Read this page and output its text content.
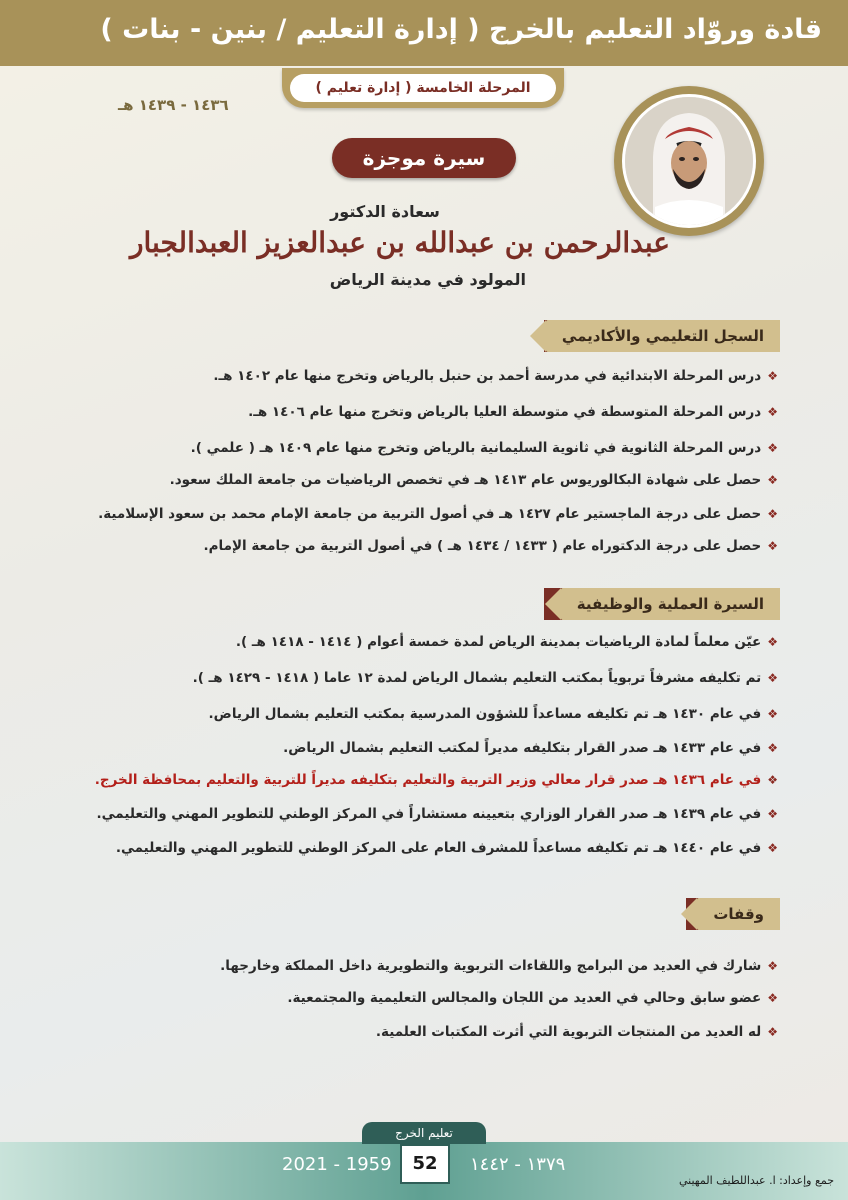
قادة وروّاد التعليم بالخرج ( إدارة التعليم / بنين - بنات )
المرحلة الخامسة ( إدارة تعليم )
١٤٣٦ - ١٤٣٩ هـ
سيرة موجزة
سعادة الدكتور
عبدالرحمن بن عبدالله بن عبدالعزيز العبدالجبار
المولود في مدينة الرياض
السجل التعليمي والأكاديمي
❖درس المرحلة الابتدائية في مدرسة أحمد بن حنبل بالرياض وتخرج منها عام ١٤٠٢ هـ.
❖درس المرحلة المتوسطة في متوسطة العليا بالرياض وتخرج منها عام ١٤٠٦ هـ.
❖درس المرحلة الثانوية في ثانوية السليمانية بالرياض وتخرج منها عام ١٤٠٩ هـ ( علمي ).
❖حصل على شهادة البكالوريوس عام ١٤١٣ هـ في تخصص الرياضيات من جامعة الملك سعود.
❖حصل على درجة الماجستير عام ١٤٢٧ هـ في أصول التربية من جامعة الإمام محمد بن سعود الإسلامية.
❖حصل على درجة الدكتوراه عام ( ١٤٣٣ / ١٤٣٤ هـ ) في أصول التربية من جامعة الإمام.
السيرة العملية والوظيفية
❖عيّن معلماً لمادة الرياضيات بمدينة الرياض لمدة خمسة أعوام ( ١٤١٤ - ١٤١٨ هـ ).
❖تم تكليفه مشرفاً تربوياً بمكتب التعليم بشمال الرياض لمدة ١٢ عاما ( ١٤١٨ - ١٤٢٩ هـ ).
❖في عام ١٤٣٠ هـ تم تكليفه مساعداً للشؤون المدرسية بمكتب التعليم بشمال الرياض.
❖في عام ١٤٣٣ هـ صدر القرار بتكليفه مديراً لمكتب التعليم بشمال الرياض.
❖في عام ١٤٣٦ هـ صدر قرار معالي وزير التربية والتعليم بتكليفه مديراً للتربية والتعليم بمحافظة الخرج.
❖في عام ١٤٣٩ هـ صدر القرار الوزاري بتعيينه مستشاراً في المركز الوطني للتطوير المهني والتعليمي.
❖في عام ١٤٤٠ هـ تم تكليفه مساعداً للمشرف العام على المركز الوطني للتطوير المهني والتعليمي.
وقفات
❖شارك في العديد من البرامج واللقاءات التربوية والتطويرية داخل المملكة وخارجها.
❖عضو سابق وحالي في العديد من اللجان والمجالس التعليمية والمجتمعية.
❖له العديد من المنتجات التربوية التي أثرت المكتبات العلمية.
تعليم الخرج
52
2021 - 1959	١٣٧٩ - ١٤٤٢
جمع وإعداد: ا. عبداللطيف المهيني
